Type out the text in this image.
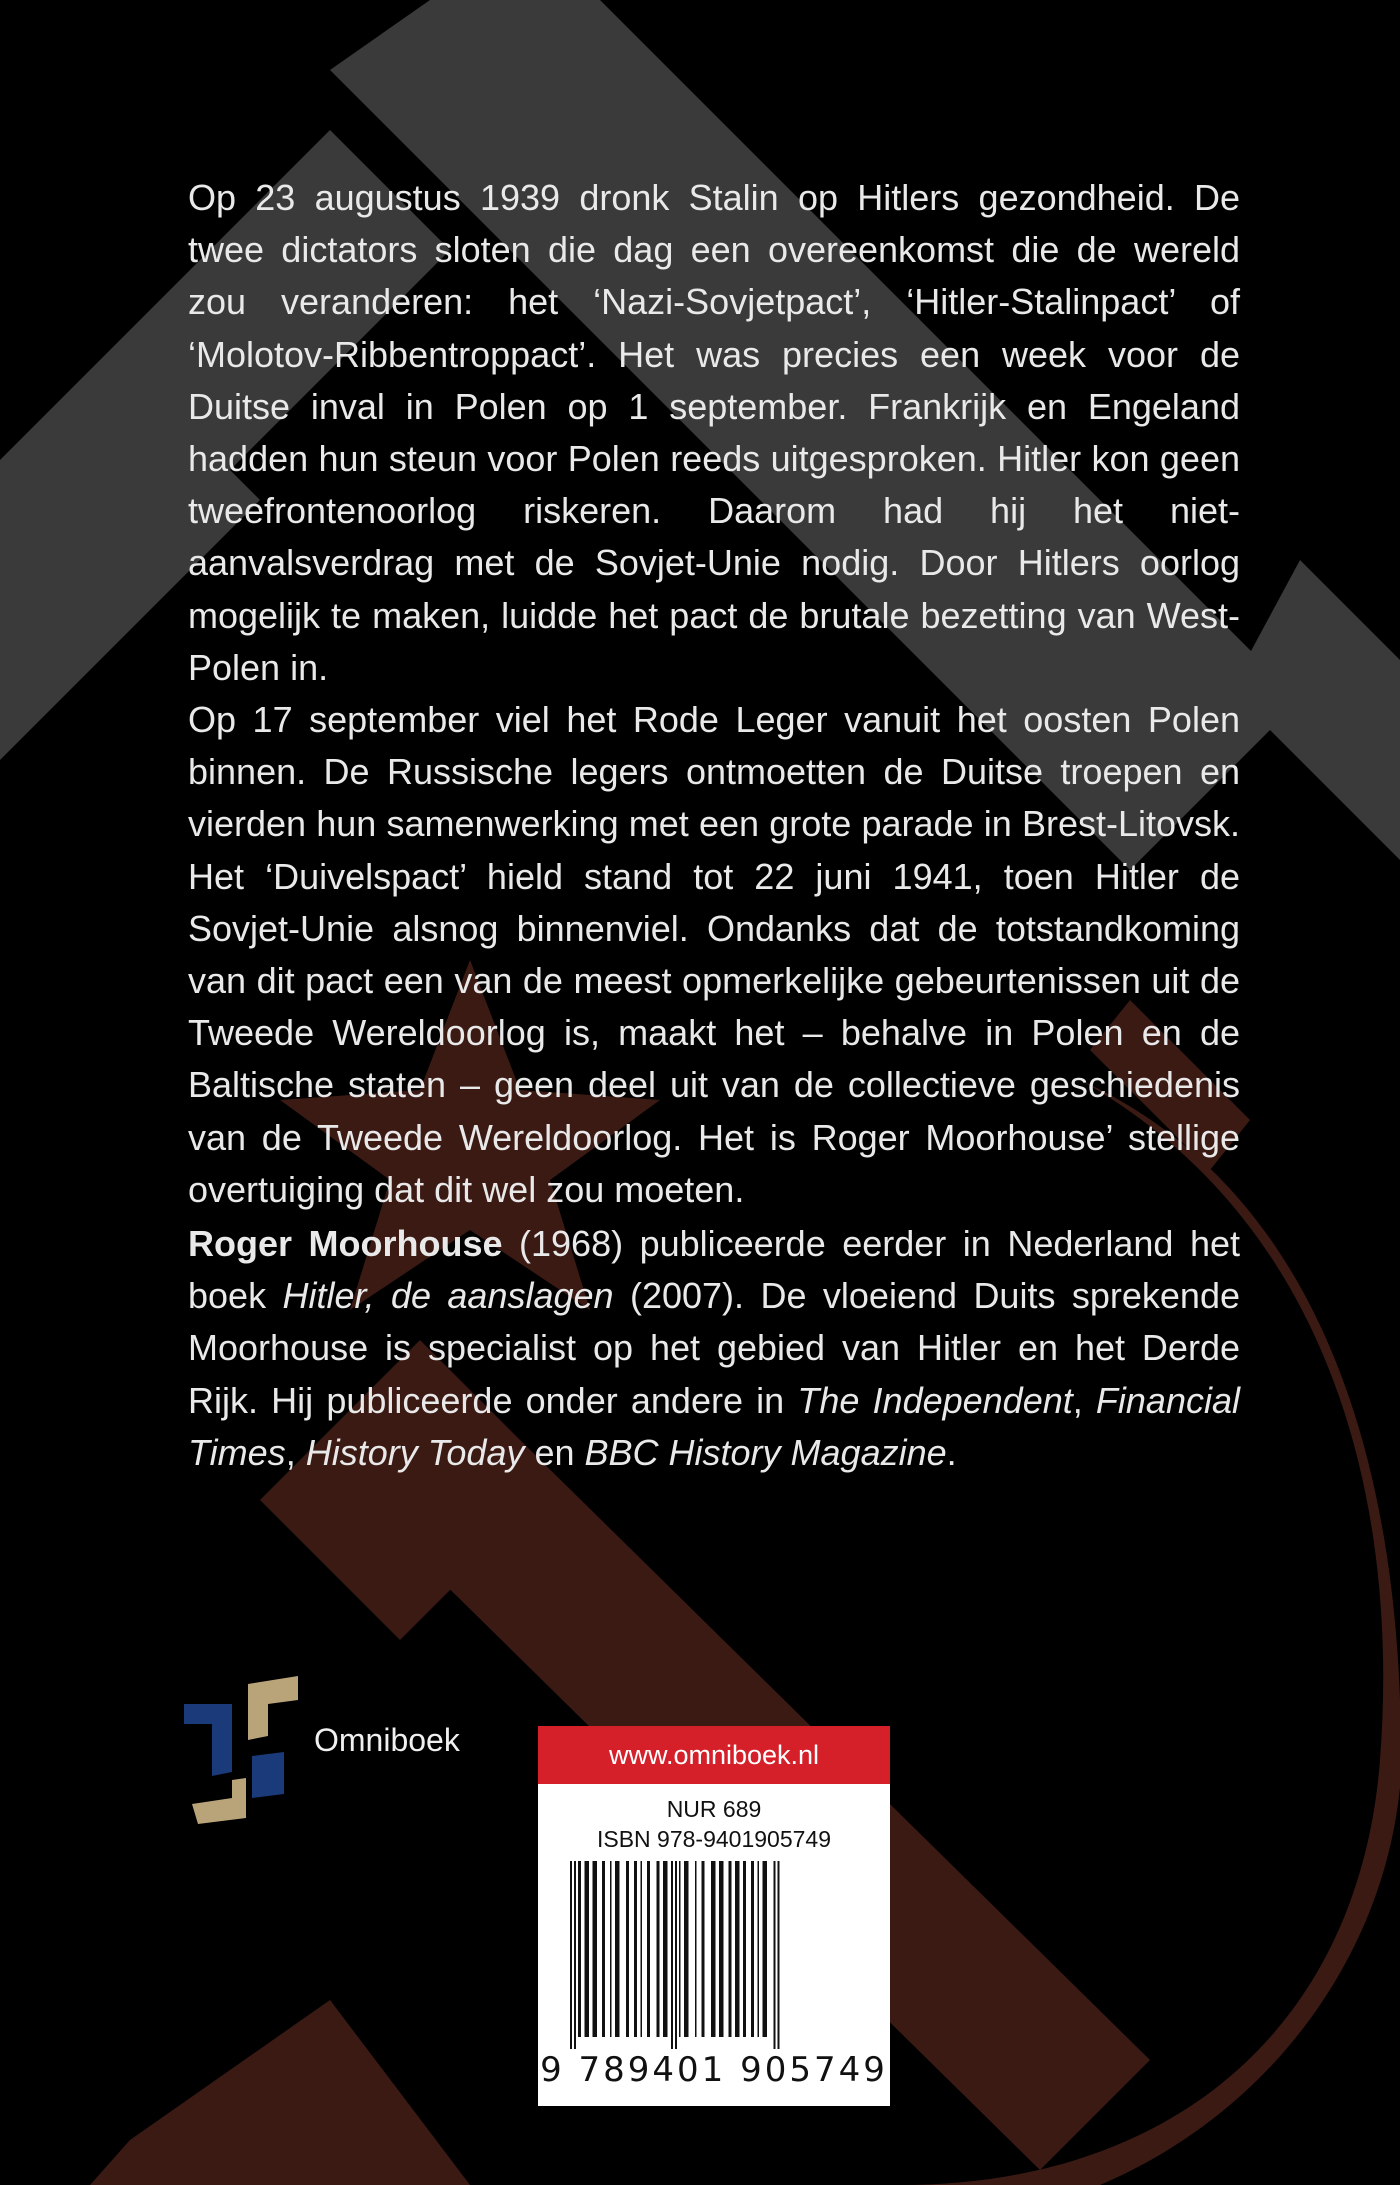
Op 23 augustus 1939 dronk Stalin op Hitlers gezondheid. De twee dictators sloten die dag een overeenkomst die de wereld zou veranderen: het ‘Nazi-Sovjetpact’, ‘Hitler-Stalinpact’ of ‘Molotov-Ribbentroppact’. Het was precies een week voor de Duitse inval in Polen op 1 september. Frankrijk en Engeland hadden hun steun voor Polen reeds uitgesproken. Hitler kon geen tweefrontenoorlog riskeren. Daarom had hij het niet-aanvalsverdrag met de Sovjet-Unie nodig. Door Hitlers oorlog mogelijk te maken, luidde het pact de brutale bezetting van West-Polen in.

Op 17 september viel het Rode Leger vanuit het oosten Polen binnen. De Russische legers ontmoetten de Duitse troepen en vierden hun samenwerking met een grote parade in Brest-Litovsk. Het ‘Duivelspact’ hield stand tot 22 juni 1941, toen Hitler de Sovjet-Unie alsnog binnenviel. Ondanks dat de totstandkoming van dit pact een van de meest opmerkelijke gebeurtenissen uit de Tweede Wereldoorlog is, maakt het – behalve in Polen en de Baltische staten – geen deel uit van de collectieve geschiedenis van de Tweede Wereldoorlog. Het is Roger Moorhouse’ stellige overtuiging dat dit wel zou moeten.

Roger Moorhouse (1968) publiceerde eerder in Nederland het boek Hitler, de aanslagen (2007). De vloeiend Duits sprekende Moorhouse is specialist op het gebied van Hitler en het Derde Rijk. Hij publiceerde onder andere in The Independent, Financial Times, History Today en BBC History Magazine.

Omniboek	www.omniboek.nl
NUR 689
ISBN 978-9401905749
9 789401 905749
